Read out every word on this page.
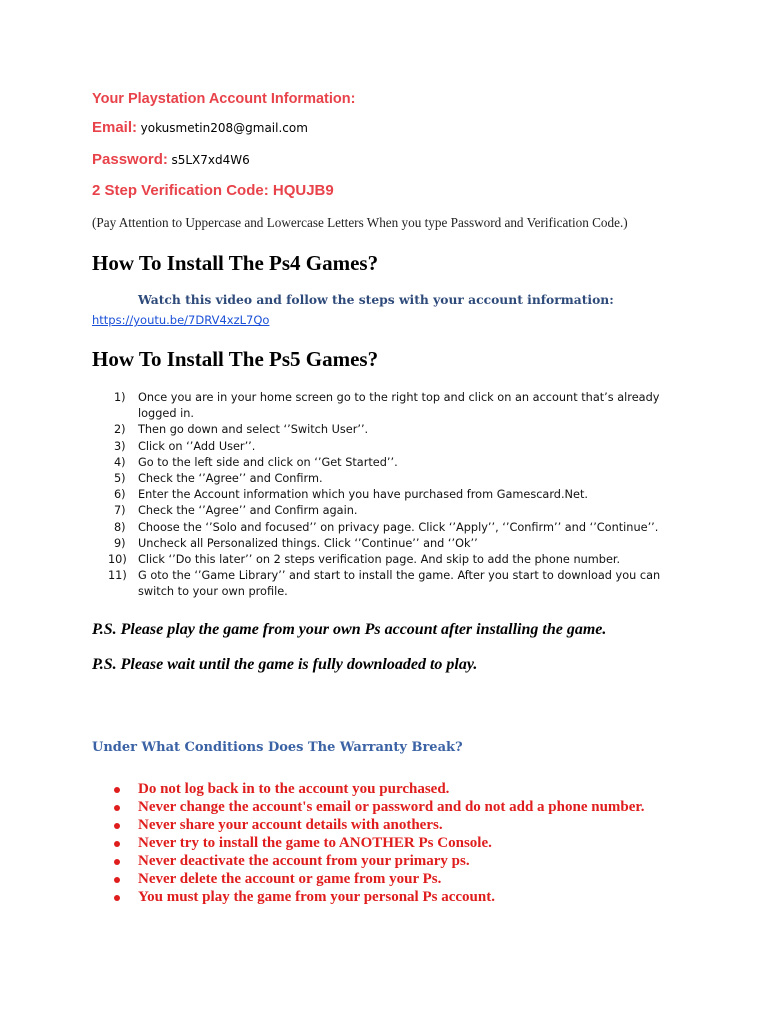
Your Playstation Account Information:
Email: yokusmetin208@gmail.com
Password: s5LX7xd4W6
2 Step Verification Code: HQUJB9
(Pay Attention to Uppercase and Lowercase Letters When you type Password and Verification Code.)
How To Install The Ps4 Games?
Watch this video and follow the steps with your account information:
https://youtu.be/7DRV4xzL7Qo
How To Install The Ps5 Games?
1) Once you are in your home screen go to the right top and click on an account that’s already logged in.
2) Then go down and select ‘’Switch User’’.
3) Click on ‘’Add User’’.
4) Go to the left side and click on ‘’Get Started’’.
5) Check the ‘’Agree’’ and Confirm.
6) Enter the Account information which you have purchased from Gamescard.Net.
7) Check the ‘’Agree’’ and Confirm again.
8) Choose the ‘’Solo and focused’’ on privacy page. Click ‘’Apply’’, ‘’Confirm’’ and ‘’Continue’’.
9) Uncheck all Personalized things. Click ‘’Continue’’ and ‘’Ok’’
10) Click ‘’Do this later’’ on 2 steps verification page. And skip to add the phone number.
11) G oto the ‘’Game Library’’ and start to install the game. After you start to download you can switch to your own profile.
P.S. Please play the game from your own Ps account after installing the game.
P.S. Please wait until the game is fully downloaded to play.
Under What Conditions Does The Warranty Break?
Do not log back in to the account you purchased.
Never change the account's email or password and do not add a phone number.
Never share your account details with anothers.
Never try to install the game to ANOTHER Ps Console.
Never deactivate the account from your primary ps.
Never delete the account or game from your Ps.
You must play the game from your personal Ps account.
